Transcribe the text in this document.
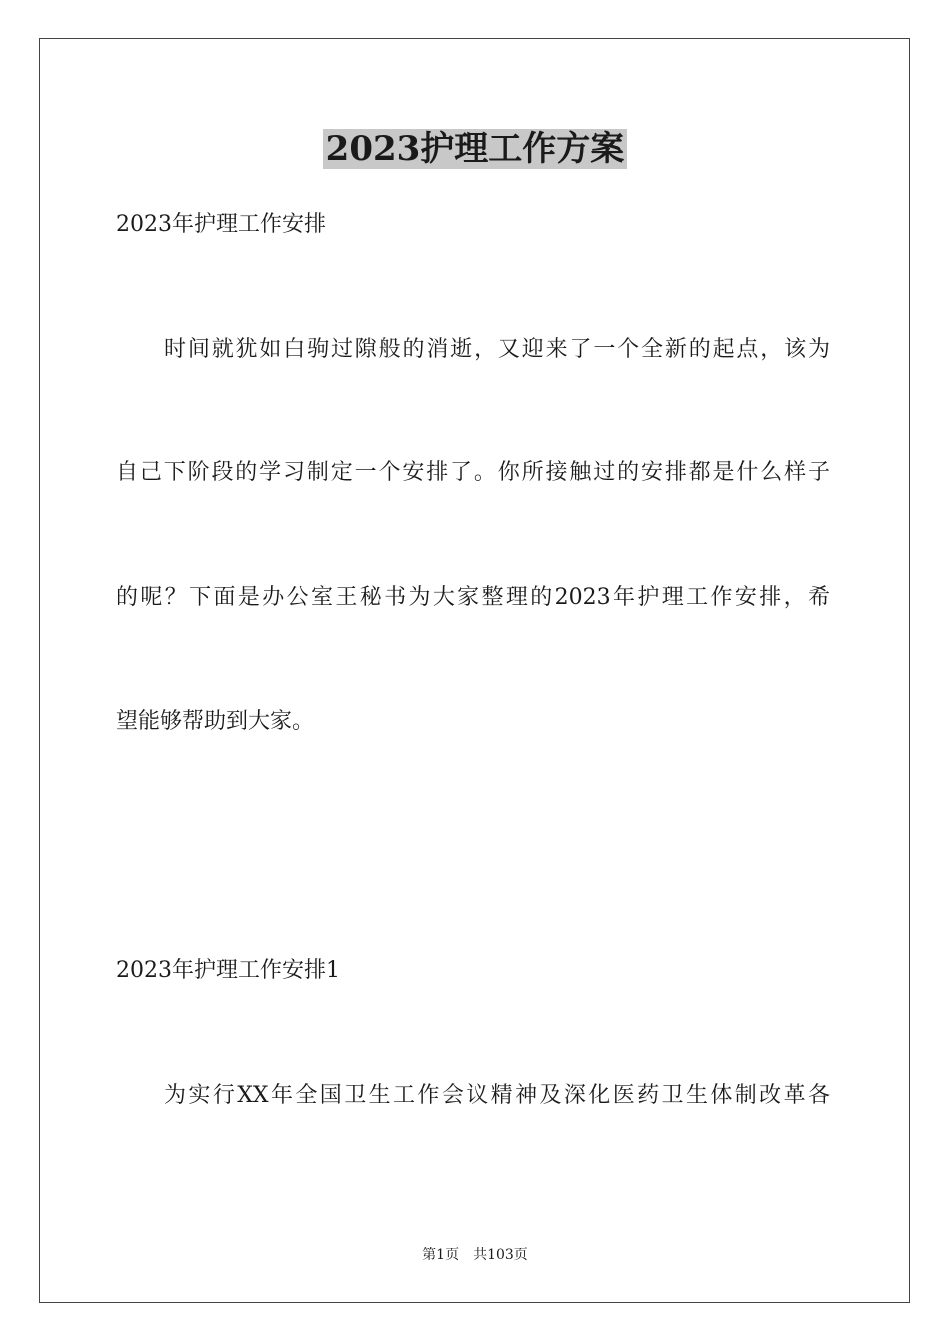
2023护理工作方案
2023年护理工作安排
时间就犹如白驹过隙般的消逝，又迎来了一个全新的起点，该为
自己下阶段的学习制定一个安排了。你所接触过的安排都是什么样子
的呢？下面是办公室王秘书为大家整理的2023年护理工作安排，希
望能够帮助到大家。
2023年护理工作安排1
为实行XX年全国卫生工作会议精神及深化医药卫生体制改革各
第1页　共103页
